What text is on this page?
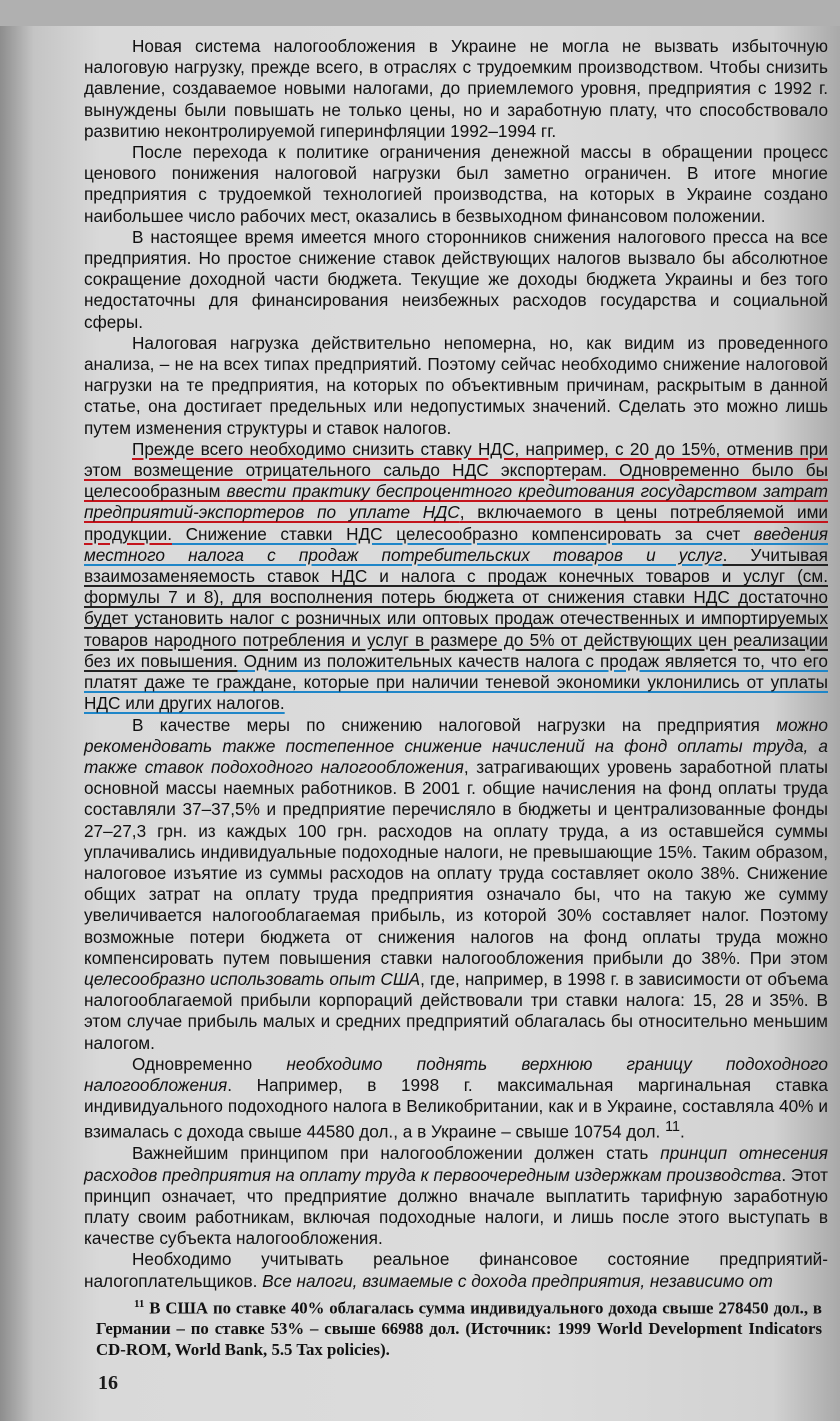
Новая система налогообложения в Украине не могла не вызвать избыточную налоговую нагрузку, прежде всего, в отраслях с трудоемким производством. Чтобы снизить давление, создаваемое новыми налогами, до приемлемого уровня, предприятия с 1992 г. вынуждены были повышать не только цены, но и заработную плату, что способствовало развитию неконтролируемой гиперинфляции 1992–1994 гг.

После перехода к политике ограничения денежной массы в обращении процесс ценового понижения налоговой нагрузки был заметно ограничен. В итоге многие предприятия с трудоемкой технологией производства, на которых в Украине создано наибольшее число рабочих мест, оказались в безвыходном финансовом положении.

В настоящее время имеется много сторонников снижения налогового пресса на все предприятия. Но простое снижение ставок действующих налогов вызвало бы абсолютное сокращение доходной части бюджета. Текущие же доходы бюджета Украины и без того недостаточны для финансирования неизбежных расходов государства и социальной сферы.

Налоговая нагрузка действительно непомерна, но, как видим из проведенного анализа, – не на всех типах предприятий. Поэтому сейчас необходимо снижение налоговой нагрузки на те предприятия, на которых по объективным причинам, раскрытым в данной статье, она достигает предельных или недопустимых значений. Сделать это можно лишь путем изменения структуры и ставок налогов.

Прежде всего необходимо снизить ставку НДС, например, с 20 до 15%, отменив при этом возмещение отрицательного сальдо НДС экспортерам. Одновременно было бы целесообразным ввести практику беспроцентного кредитования государством затрат предприятий-экспортеров по уплате НДС, включаемого в цены потребляемой ими продукции. Снижение ставки НДС целесообразно компенсировать за счет введения местного налога с продаж потребительских товаров и услуг. Учитывая взаимозаменяемость ставок НДС и налога с продаж конечных товаров и услуг (см. формулы 7 и 8), для восполнения потерь бюджета от снижения ставки НДС достаточно будет установить налог с розничных или оптовых продаж отечественных и импортируемых товаров народного потребления и услуг в размере до 5% от действующих цен реализации без их повышения. Одним из положительных качеств налога с продаж является то, что его платят даже те граждане, которые при наличии теневой экономики уклонились от уплаты НДС или других налогов.

В качестве меры по снижению налоговой нагрузки на предприятия можно рекомендовать также постепенное снижение начислений на фонд оплаты труда, а также ставок подоходного налогообложения, затрагивающих уровень заработной платы основной массы наемных работников. В 2001 г. общие начисления на фонд оплаты труда составляли 37–37,5% и предприятие перечисляло в бюджеты и централизованные фонды 27–27,3 грн. из каждых 100 грн. расходов на оплату труда, а из оставшейся суммы уплачивались индивидуальные подоходные налоги, не превышающие 15%. Таким образом, налоговое изъятие из суммы расходов на оплату труда составляет около 38%. Снижение общих затрат на оплату труда предприятия означало бы, что на такую же сумму увеличивается налогооблагаемая прибыль, из которой 30% составляет налог. Поэтому возможные потери бюджета от снижения налогов на фонд оплаты труда можно компенсировать путем повышения ставки налогообложения прибыли до 38%. При этом целесообразно использовать опыт США, где, например, в 1998 г. в зависимости от объема налогооблагаемой прибыли корпораций действовали три ставки налога: 15, 28 и 35%. В этом случае прибыль малых и средних предприятий облагалась бы относительно меньшим налогом.

Одновременно необходимо поднять верхнюю границу подоходного налогообложения. Например, в 1998 г. максимальная маргинальная ставка индивидуального подоходного налога в Великобритании, как и в Украине, составляла 40% и взималась с дохода свыше 44580 дол., а в Украине – свыше 10754 дол. $^{11}$.

Важнейшим принципом при налогообложении должен стать принцип отнесения расходов предприятия на оплату труда к первоочередным издержкам производства. Этот принцип означает, что предприятие должно вначале выплатить тарифную заработную плату своим работникам, включая подоходные налоги, и лишь после этого выступать в качестве субъекта налогообложения.

Необходимо учитывать реальное финансовое состояние предприятий-налогоплательщиков. Все налоги, взимаемые с дохода предприятия, независимо от

$^{11}$ В США по ставке 40% облагалась сумма индивидуального дохода свыше 278450 дол., в Германии – по ставке 53% – свыше 66988 дол. (Источник: 1999 World Development Indicators CD-ROM, World Bank, 5.5 Tax policies).
16
